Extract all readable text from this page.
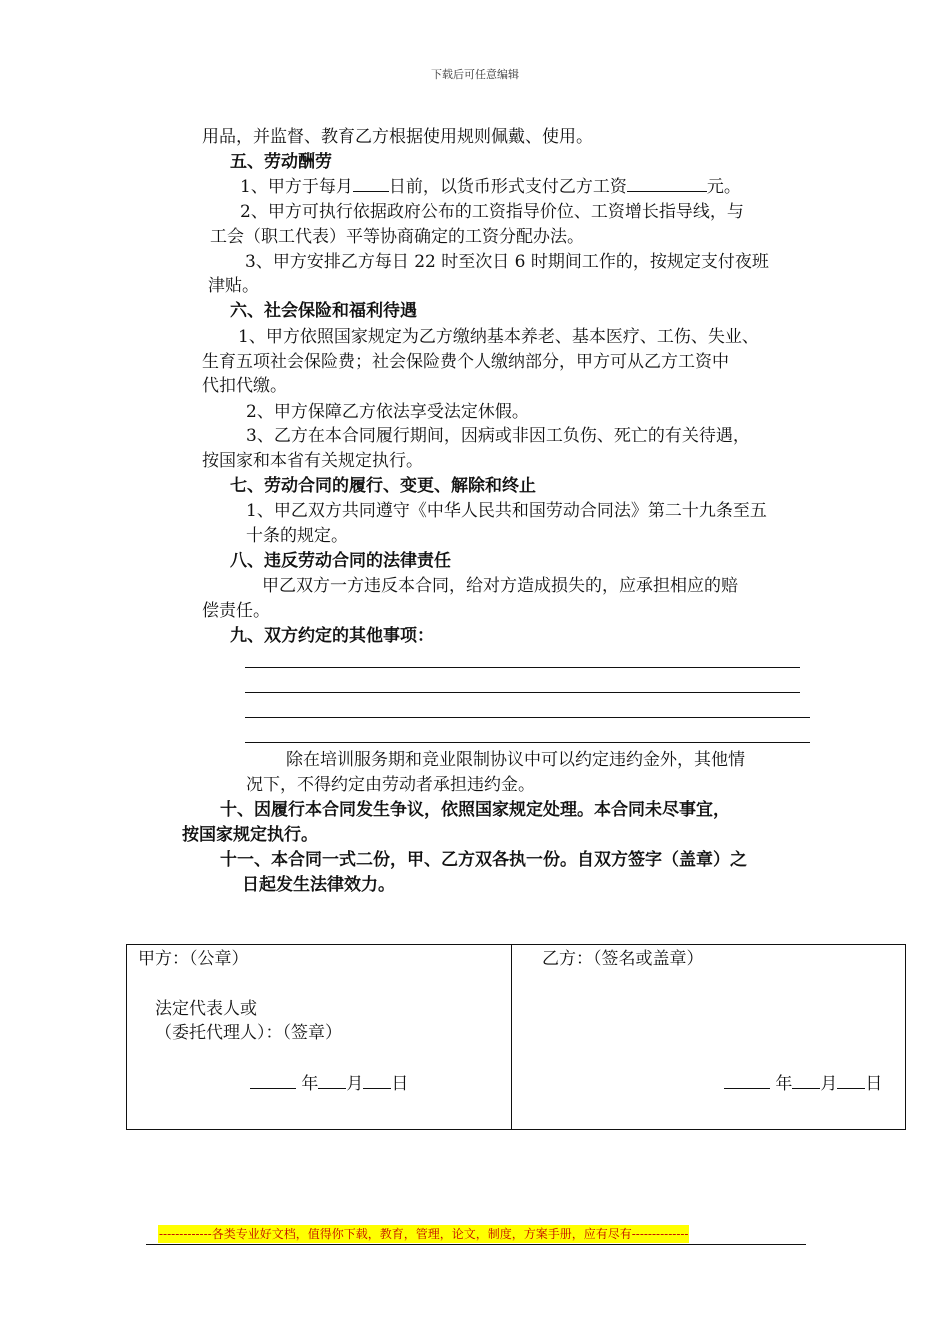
下载后可任意编辑
用品，并监督、教育乙方根据使用规则佩戴、使用。
五、劳动酬劳
1、甲方于每月 日前，以货币形式支付乙方工资	元。
2、甲方可执行依据政府公布的工资指导价位、工资增长指导线，与
工会（职工代表）平等协商确定的工资分配办法。
3、甲方安排乙方每日 22 时至次日 6 时期间工作的，按规定支付夜班
津贴。
六、社会保险和福利待遇
1、甲方依照国家规定为乙方缴纳基本养老、基本医疗、工伤、失业、
生育五项社会保险费；社会保险费个人缴纳部分，甲方可从乙方工资中
代扣代缴。
2、甲方保障乙方依法享受法定休假。
3、乙方在本合同履行期间，因病或非因工负伤、死亡的有关待遇，
按国家和本省有关规定执行。
七、劳动合同的履行、变更、解除和终止
1、甲乙双方共同遵守《中华人民共和国劳动合同法》第二十九条至五
十条的规定。
八、违反劳动合同的法律责任
甲乙双方一方违反本合同，给对方造成损失的，应承担相应的赔
偿责任。
九、双方约定的其他事项：
除在培训服务期和竞业限制协议中可以约定违约金外，其他情
况下，不得约定由劳动者承担违约金。
十、因履行本合同发生争议，依照国家规定处理。本合同未尽事宜，
按国家规定执行。
十一、本合同一式二份，甲、乙方双各执一份。自双方签字（盖章）之
日起发生法律效力。
甲方：（公章）
法定代表人或
（委托代理人）：（签章）
年 月 日
乙方：（签名或盖章）
年 月 日
-------------各类专业好文档，值得你下载，教育，管理，论文，制度，方案手册，应有尽有--------------
